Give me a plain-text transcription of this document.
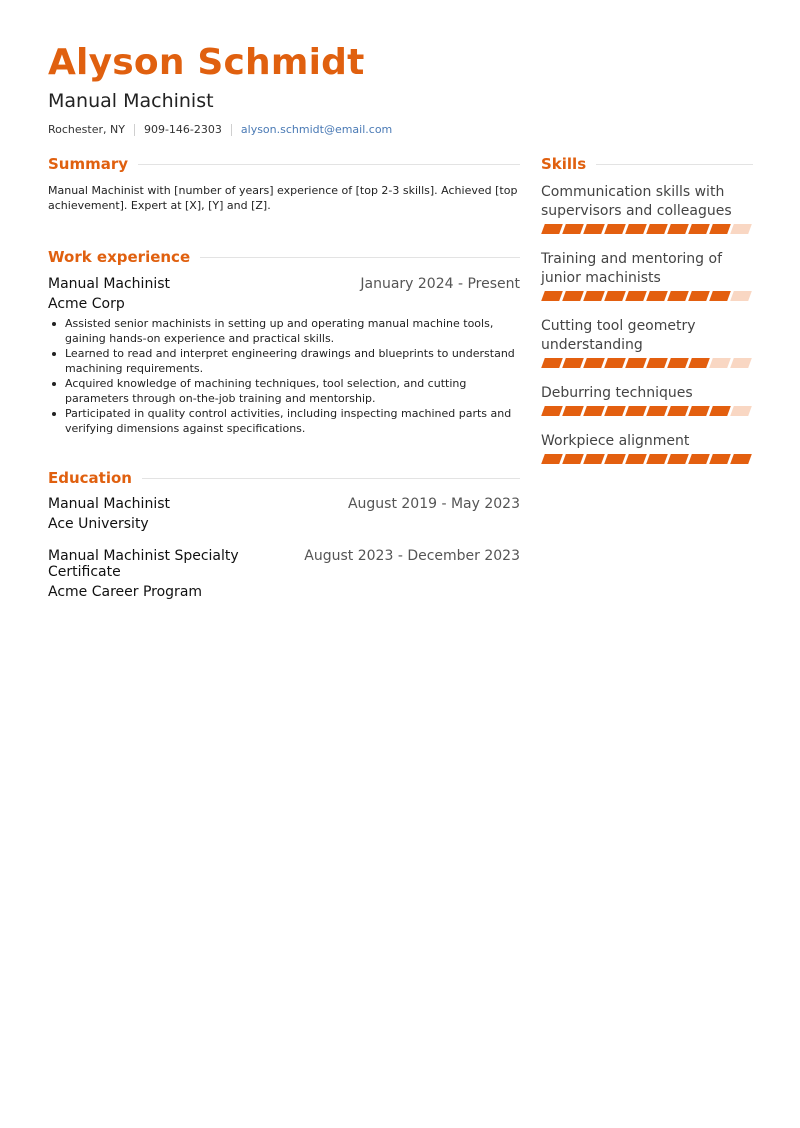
Alyson Schmidt
Manual Machinist
Rochester, NY 909-146-2303 alyson.schmidt@email.com
Summary

Manual Machinist with [number of years] experience of [top 2-3 skills]. Achieved [top achievement]. Expert at [X], [Y] and [Z].

Work experience
Manual Machinist	January 2024 - Present
Acme Corp
Assisted senior machinists in setting up and operating manual machine tools, gaining hands-on experience and practical skills.
Learned to read and interpret engineering drawings and blueprints to understand machining requirements.
Acquired knowledge of machining techniques, tool selection, and cutting parameters through on-the-job training and mentorship.
Participated in quality control activities, including inspecting machined parts and verifying dimensions against specifications.
Education
Manual Machinist	August 2019 - May 2023
Ace University
Manual Machinist Specialty Certificate
August 2023 - December 2023
Acme Career Program
Skills
Communication skills with supervisors and colleagues
Training and mentoring of junior machinists
Cutting tool geometry understanding
Deburring techniques
Workpiece alignment
